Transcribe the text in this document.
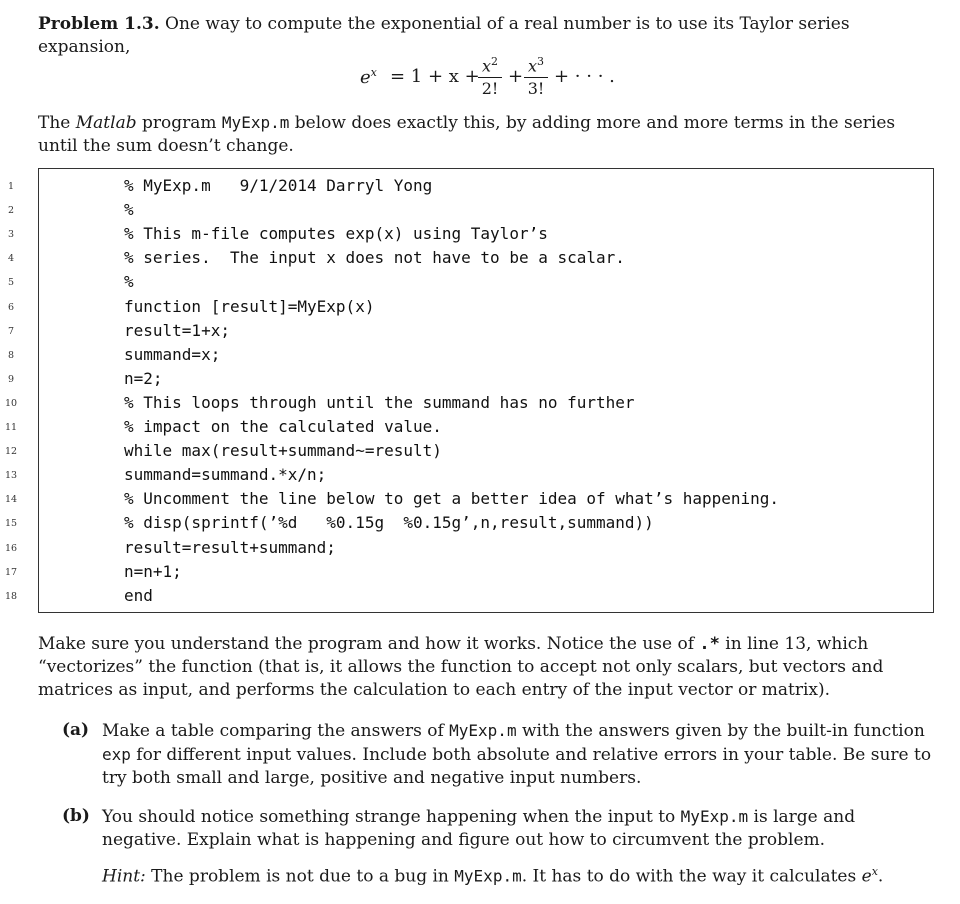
Problem 1.3. One way to compute the exponential of a real number is to use its Taylor series expansion,
$e^x = 1 + x$ +
$x^2$
2!
+
$x^3$
3!
+ · · · .
The Matlab program MyExp.m below does exactly this, by adding more and more terms in the series until the sum doesn’t change.
1	% MyExp.m   9/1/2014 Darryl Yong
2	%
3	% This m-file computes exp(x) using Taylor’s
4	% series.  The input x does not have to be a scalar.
5	%
6	function [result]=MyExp(x)
7	result=1+x;
8	summand=x;
9	n=2;
10	% This loops through until the summand has no further
11	% impact on the calculated value.
12	while max(result+summand~=result)
13	summand=summand.*x/n;
14	% Uncomment the line below to get a better idea of what’s happening.
15	% disp(sprintf(’%d   %0.15g  %0.15g’,n,result,summand))
16	result=result+summand;
17	n=n+1;
18	end
Make sure you understand the program and how it works. Notice the use of .* in line 13, which “vectorizes” the function (that is, it allows the function to accept not only scalars, but vectors and matrices as input, and performs the calculation to each entry of the input vector or matrix).
(a) Make a table comparing the answers of MyExp.m with the answers given by the built-in function exp for different input values. Include both absolute and relative errors in your table. Be sure to try both small and large, positive and negative input numbers.
(b) You should notice something strange happening when the input to MyExp.m is large and negative. Explain what is happening and figure out how to circumvent the problem.
Hint: The problem is not due to a bug in MyExp.m. It has to do with the way it calculates $e^x$.
